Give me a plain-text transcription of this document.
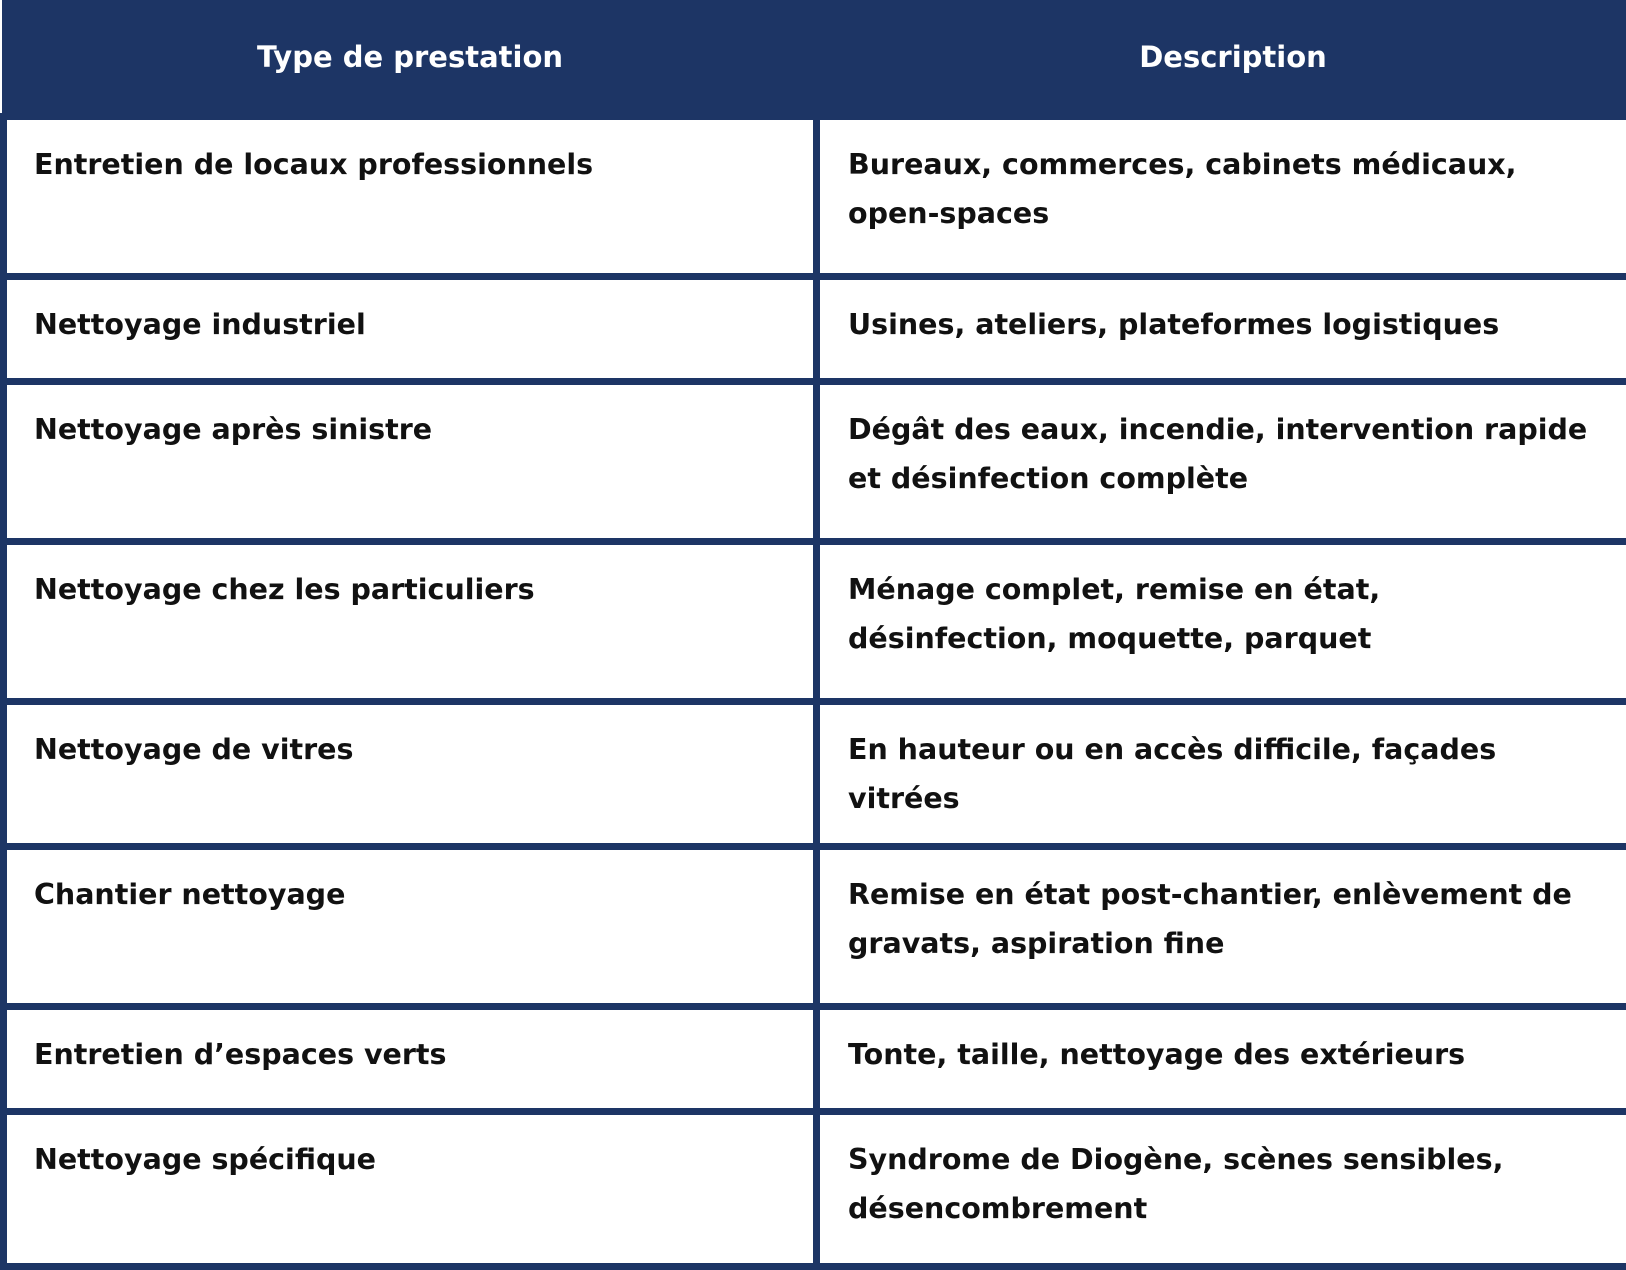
Type de prestation	Description
Entretien de locaux professionnels	Bureaux, commerces, cabinets médicaux, open-spaces
Nettoyage industriel	Usines, ateliers, plateformes logistiques
Nettoyage après sinistre	Dégât des eaux, incendie, intervention rapide et désinfection complète
Nettoyage chez les particuliers	Ménage complet, remise en état, désinfection, moquette, parquet
Nettoyage de vitres	En hauteur ou en accès difficile, façades vitrées
Chantier nettoyage	Remise en état post-chantier, enlèvement de gravats, aspiration fine
Entretien d’espaces verts	Tonte, taille, nettoyage des extérieurs
Nettoyage spécifique	Syndrome de Diogène, scènes sensibles, désencombrement
